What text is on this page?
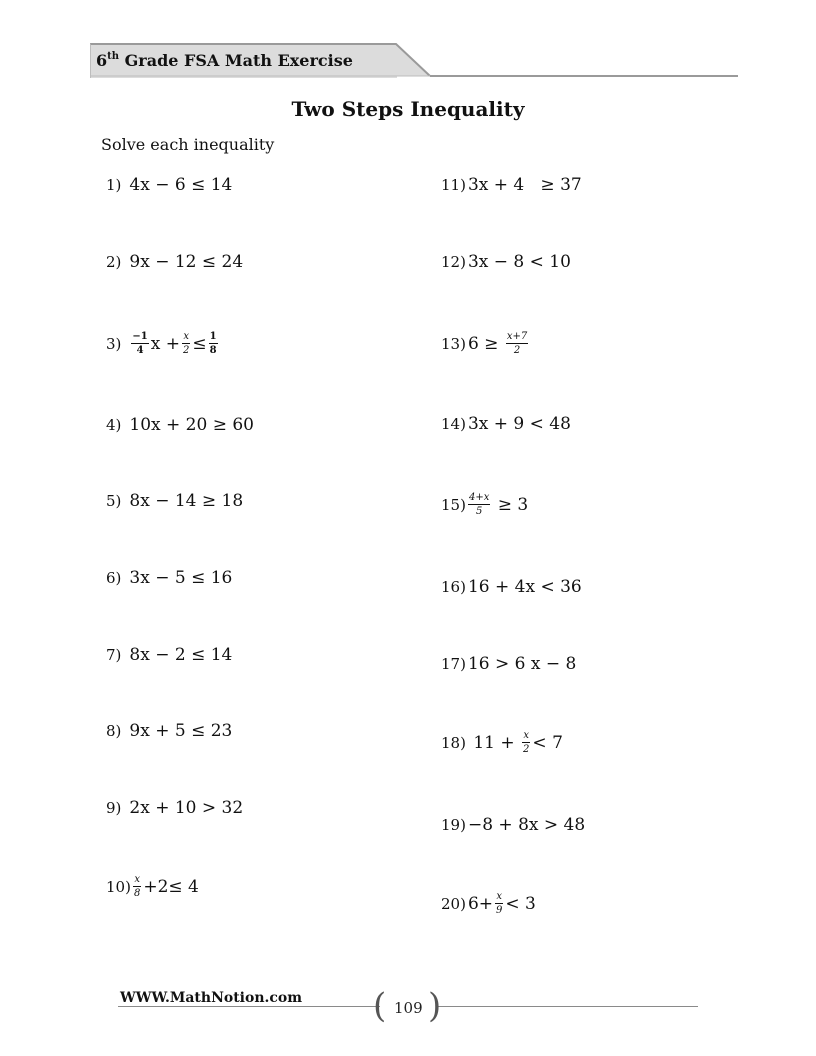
6th Grade FSA Math Exercise
Two Steps Inequality
Solve each inequality
1) 4x − 6 ≤ 14
2) 9x − 12 ≤ 24
$3) \frac{-1}{4}$ $x + \frac{x}{2} \le \frac{1}{8}$
4) 10x + 20 ≥ 60
5) 8x − 14 ≥ 18
6) 3x − 5 ≤ 16
7) 8x − 2 ≤ 14
8) 9x + 5 ≤ 23
9) 2x + 10 > 32
$10) \frac{x}{8} +2\le 4$
11) 3x + 4   ≥ 37
12) 3x − 8 < 10
13) $6 \ge \frac{x+7}{2}$
14) 3x + 9 < 48
$15) \frac{4+x}{5} \ge 3$
16) 16 + 4x < 36
17) 16 > 6 x − 8
18) $11 + \frac{x}{2} < 7$
19) −8 + 8x > 48
20) $6+ \frac{x}{9} < 3$
WWW.MathNotion.com ( )
109
